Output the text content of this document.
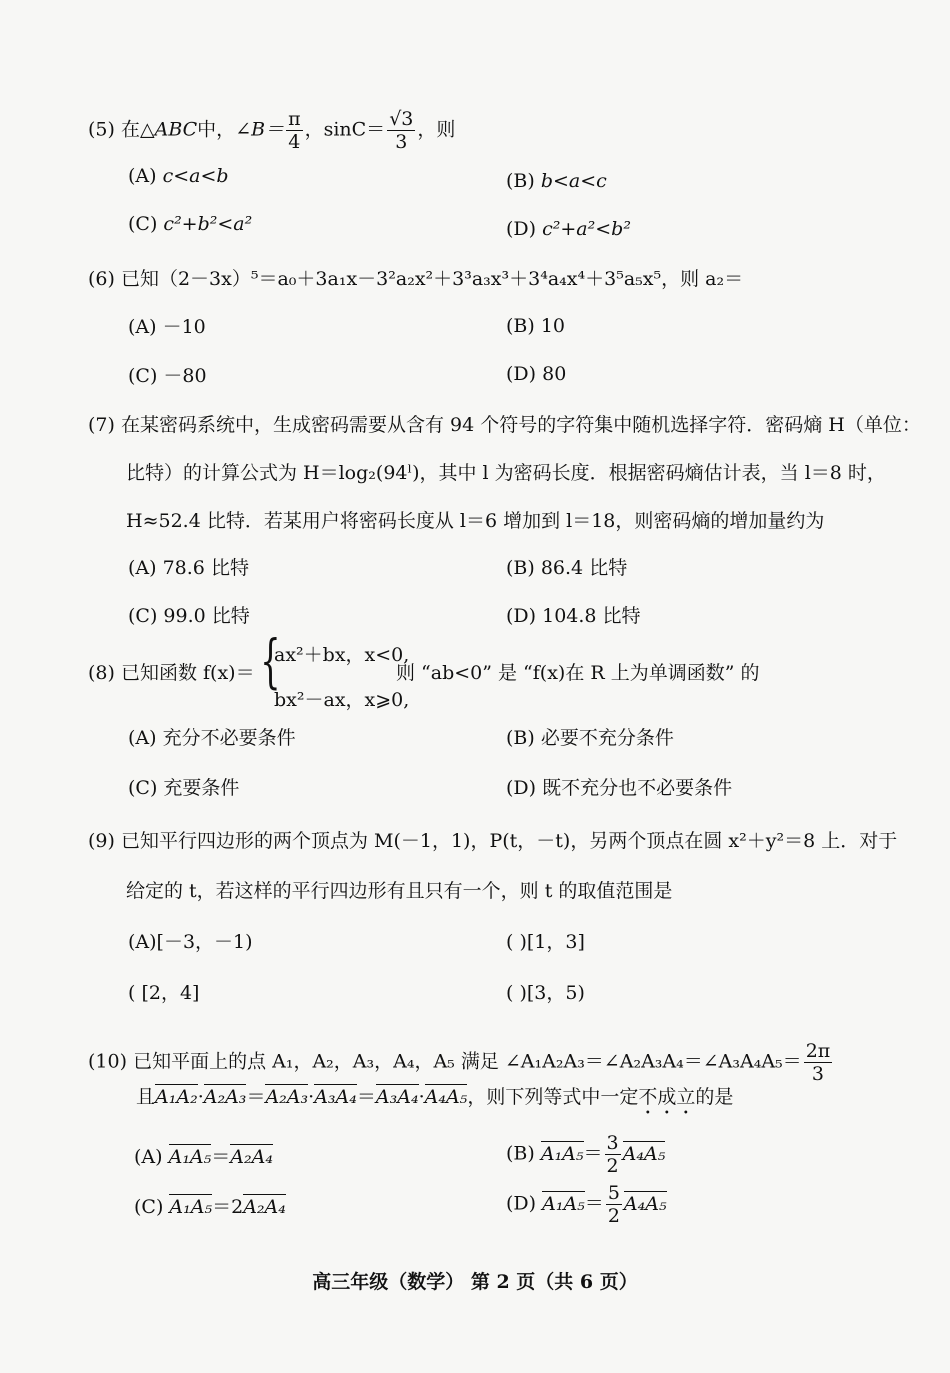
(5) 在△ABC中，∠B＝ $\frac{\pi}{4}$ ，$\sin C= \frac{√3}{3}$ ，则
(A) c<a<b	(B) b<a<c
(C) c²+b²<a²	(D) c²+a²<b²
(6) 已知（2－3x）⁵＝a₀＋3a₁x－3²a₂x²＋3³a₃x³＋3⁴a₄x⁴＋3⁵a₅x⁵，则 a₂＝
(A) －10	(B) 10
(C) －80	(D) 80
(7) 在某密码系统中，生成密码需要从含有 94 个符号的字符集中随机选择字符．密码熵 H（单位：
比特）的计算公式为 H＝log₂(94ˡ)，其中 l 为密码长度．根据密码熵估计表，当 l＝8 时，
H≈52.4 比特．若某用户将密码长度从 l＝6 增加到 l＝18，则密码熵的增加量约为
(A) 78.6 比特	(B) 86.4 比特
(C) 99.0 比特	(D) 104.8 比特
(8) 已知函数 f(x)＝ {
ax²＋bx，x<0,
bx²－ax，x⩾0,
则 “ab<0” 是 “f(x)在 R 上为单调函数” 的
(A) 充分不必要条件	(B) 必要不充分条件
(C) 充要条件	(D) 既不充分也不必要条件
(9) 已知平行四边形的两个顶点为 M(－1，1)，P(t，－t)，另两个顶点在圆 x²＋y²＝8 上．对于
给定的 t，若这样的平行四边形有且只有一个，则 t 的取值范围是
(A)[－3，－1)	( )[1，3]
( [2，4]	( )[3，5)
(10) 已知平面上的点 A₁，A₂，A₃，A₄，A₅ 满足 ∠A₁A₂A₃＝∠A₂A₃A₄＝∠A₃A₄A₅＝ $\frac{2\pi}{3}$
且A₁A₂·A₂A₃＝A₂A₃·A₃A₄＝A₃A₄·A₄A₅，则下列等式中一定不成立的是
(A) A₁A₅＝A₂A₄	(B) $A_1A_5= \frac{3}{2} A_4A_5$
(C) A₁A₅＝2A₂A₄	(D) $A_1A_5= \frac{5}{2} A_4A_5$
高三年级（数学） 第 2 页（共 6 页）
